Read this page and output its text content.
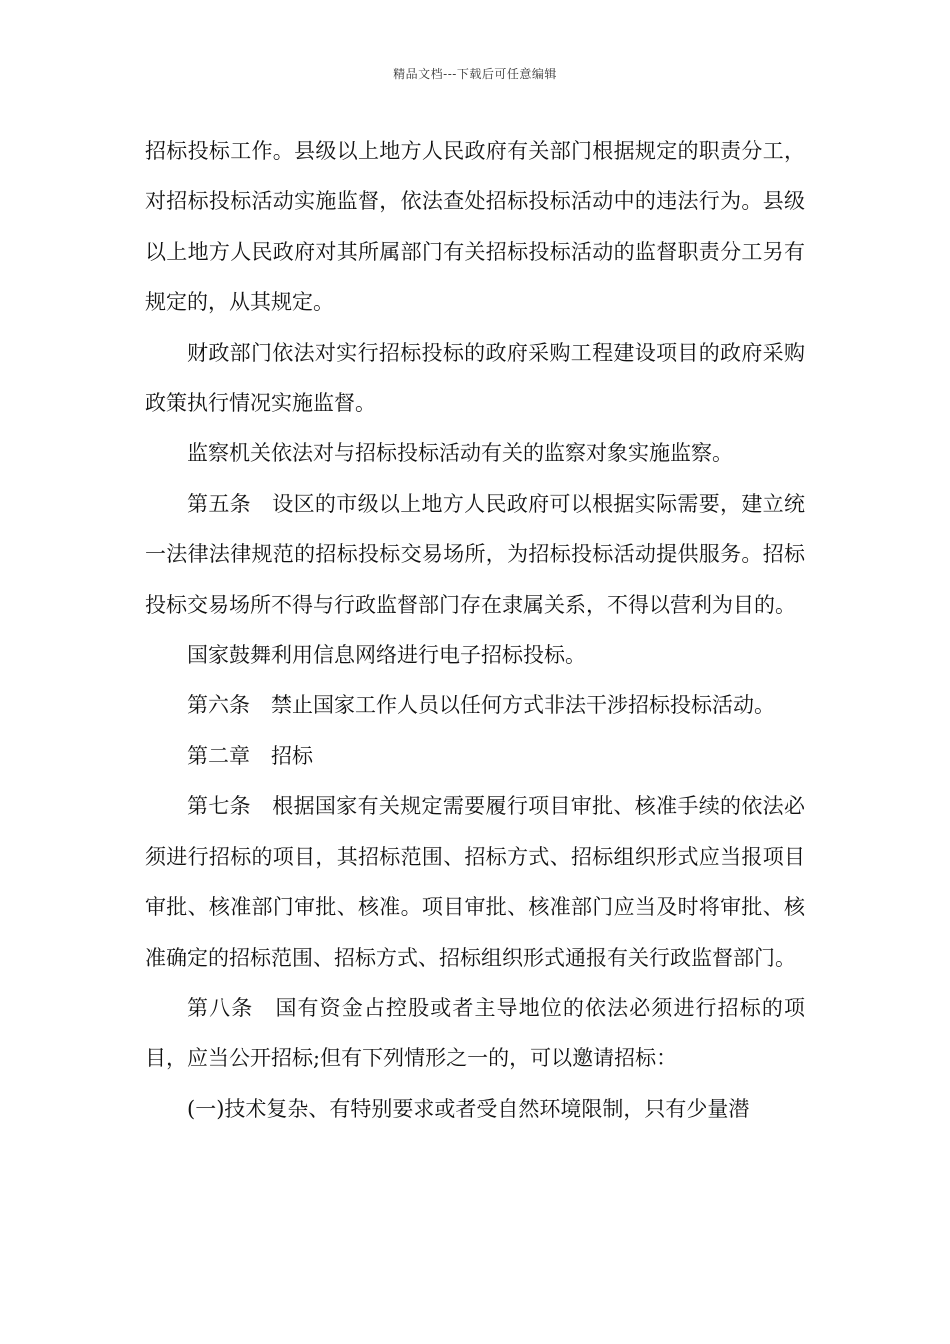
精品文档---下载后可任意编辑

招标投标工作。县级以上地方人民政府有关部门根据规定的职责分工，对招标投标活动实施监督，依法查处招标投标活动中的违法行为。县级以上地方人民政府对其所属部门有关招标投标活动的监督职责分工另有规定的，从其规定。

财政部门依法对实行招标投标的政府采购工程建设项目的政府采购政策执行情况实施监督。

监察机关依法对与招标投标活动有关的监察对象实施监察。

第五条　设区的市级以上地方人民政府可以根据实际需要，建立统一法律法律规范的招标投标交易场所，为招标投标活动提供服务。招标投标交易场所不得与行政监督部门存在隶属关系，不得以营利为目的。

国家鼓舞利用信息网络进行电子招标投标。

第六条　禁止国家工作人员以任何方式非法干涉招标投标活动。

第二章　招标

第七条　根据国家有关规定需要履行项目审批、核准手续的依法必须进行招标的项目，其招标范围、招标方式、招标组织形式应当报项目审批、核准部门审批、核准。项目审批、核准部门应当及时将审批、核准确定的招标范围、招标方式、招标组织形式通报有关行政监督部门。

第八条　国有资金占控股或者主导地位的依法必须进行招标的项目，应当公开招标;但有下列情形之一的，可以邀请招标：

(一)技术复杂、有特别要求或者受自然环境限制，只有少量潜
